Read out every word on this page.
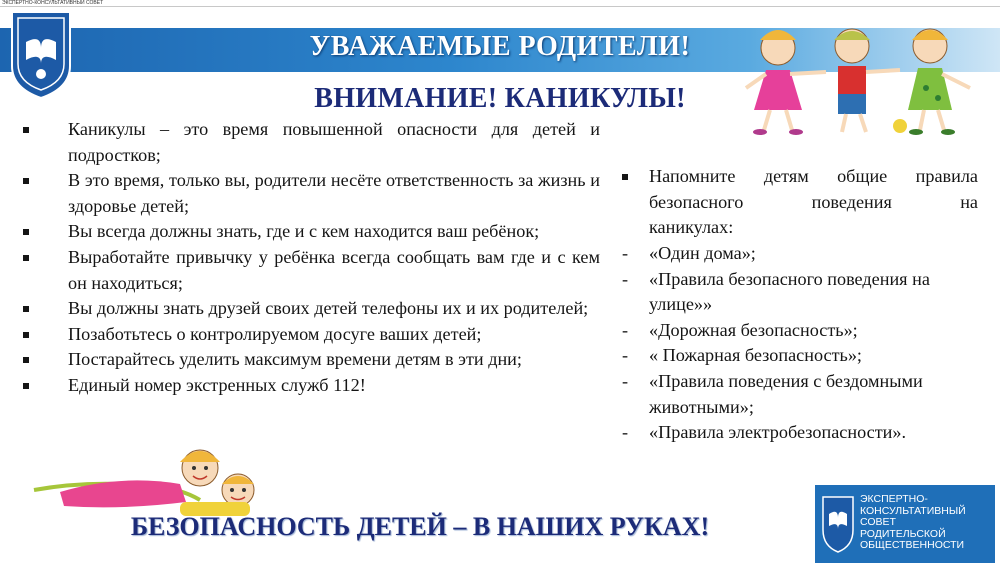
ЭКСПЕРТНО-КОНСУЛЬТАТИВНЫЙ СОВЕТ
УВАЖАЕМЫЕ РОДИТЕЛИ!
ВНИМАНИЕ! КАНИКУЛЫ!
Каникулы – это время повышенной опасности для детей и подростков;
В это время, только вы, родители несёте ответственность за жизнь и здоровье детей;
Вы всегда должны знать, где и с кем находится ваш ребёнок;
Выработайте привычку у ребёнка всегда сообщать вам где и с кем он находиться;
Вы должны знать друзей своих детей телефоны их и их родителей;
Позаботьтесь о контролируемом досуге ваших детей;
Постарайтесь уделить максимум времени детям в эти дни;
Единый номер экстренных служб 112!
Напомните детям общие правила
безопасного поведения на
каникулах:
- «Один дома»;
- «Правила безопасного поведения на улице»»
- «Дорожная безопасность»;
- « Пожарная безопасность»;
- «Правила поведения с бездомными животными»;
- «Правила электробезопасности».
БЕЗОПАСНОСТЬ ДЕТЕЙ – В НАШИХ РУКАХ!
ЭКСПЕРТНО-
КОНСУЛЬТАТИВНЫЙ
СОВЕТ
РОДИТЕЛЬСКОЙ
ОБЩЕСТВЕННОСТИ
